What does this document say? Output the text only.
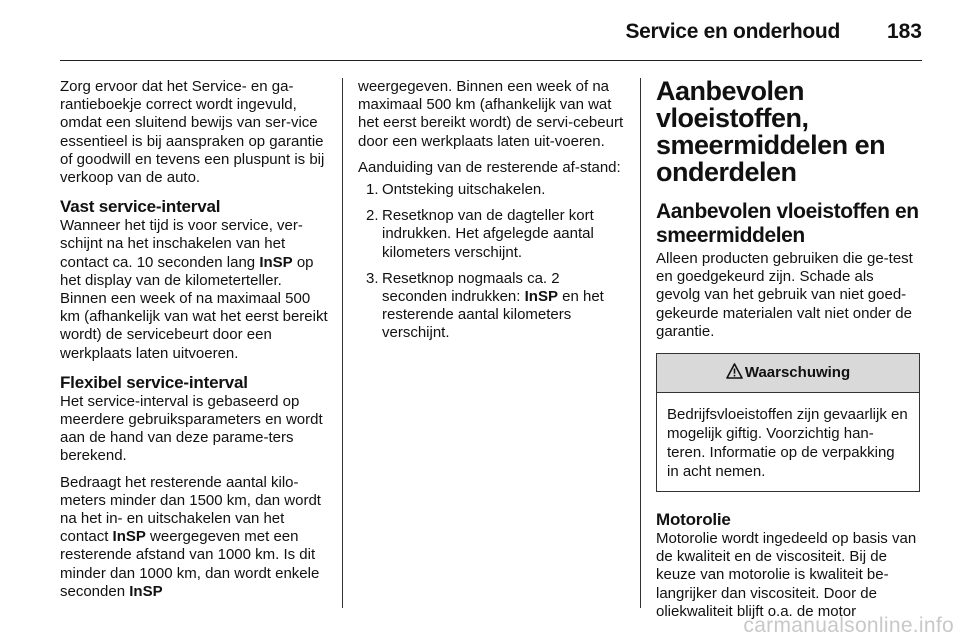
Service en onderhoud 183

Zorg ervoor dat het Service- en ga-rantieboekje correct wordt ingevuld, omdat een sluitend bewijs van ser-vice essentieel is bij aanspraken op garantie of goodwill en tevens een pluspunt is bij verkoop van de auto.

Vast service-interval

Wanneer het tijd is voor service, ver-schijnt na het inschakelen van het contact ca. 10 seconden lang InSP op het display van de kilometerteller. Binnen een week of na maximaal 500 km (afhankelijk van wat het eerst bereikt wordt) de servicebeurt door een werkplaats laten uitvoeren.

Flexibel service-interval

Het service-interval is gebaseerd op meerdere gebruiksparameters en wordt aan de hand van deze parame-ters berekend.

Bedraagt het resterende aantal kilo-meters minder dan 1500 km, dan wordt na het in- en uitschakelen van het contact InSP weergegeven met een resterende afstand van 1000 km. Is dit minder dan 1000 km, dan wordt enkele seconden InSP

weergegeven. Binnen een week of na maximaal 500 km (afhankelijk van wat het eerst bereikt wordt) de servi-cebeurt door een werkplaats laten uit-voeren.

Aanduiding van de resterende af-stand:

1. Ontsteking uitschakelen.
2. Resetknop van de dagteller kort indrukken. Het afgelegde aantal kilometers verschijnt.
3. Resetknop nogmaals ca. 2 seconden indrukken: InSP en het resterende aantal kilometers verschijnt.
Aanbevolen vloeistoffen, smeermiddelen en onderdelen
Aanbevolen vloeistoffen en smeermiddelen

Alleen producten gebruiken die ge-test en goedgekeurd zijn. Schade als gevolg van het gebruik van niet goed-gekeurde materialen valt niet onder de garantie.

Waarschuwing
Bedrijfsvloeistoffen zijn gevaarlijk en mogelijk giftig. Voorzichtig han-teren. Informatie op de verpakking in acht nemen.
Motorolie

Motorolie wordt ingedeeld op basis van de kwaliteit en de viscositeit. Bij de keuze van motorolie is kwaliteit be-langrijker dan viscositeit. Door de oliekwaliteit blijft o.a. de motor

carmanualsonline.info
